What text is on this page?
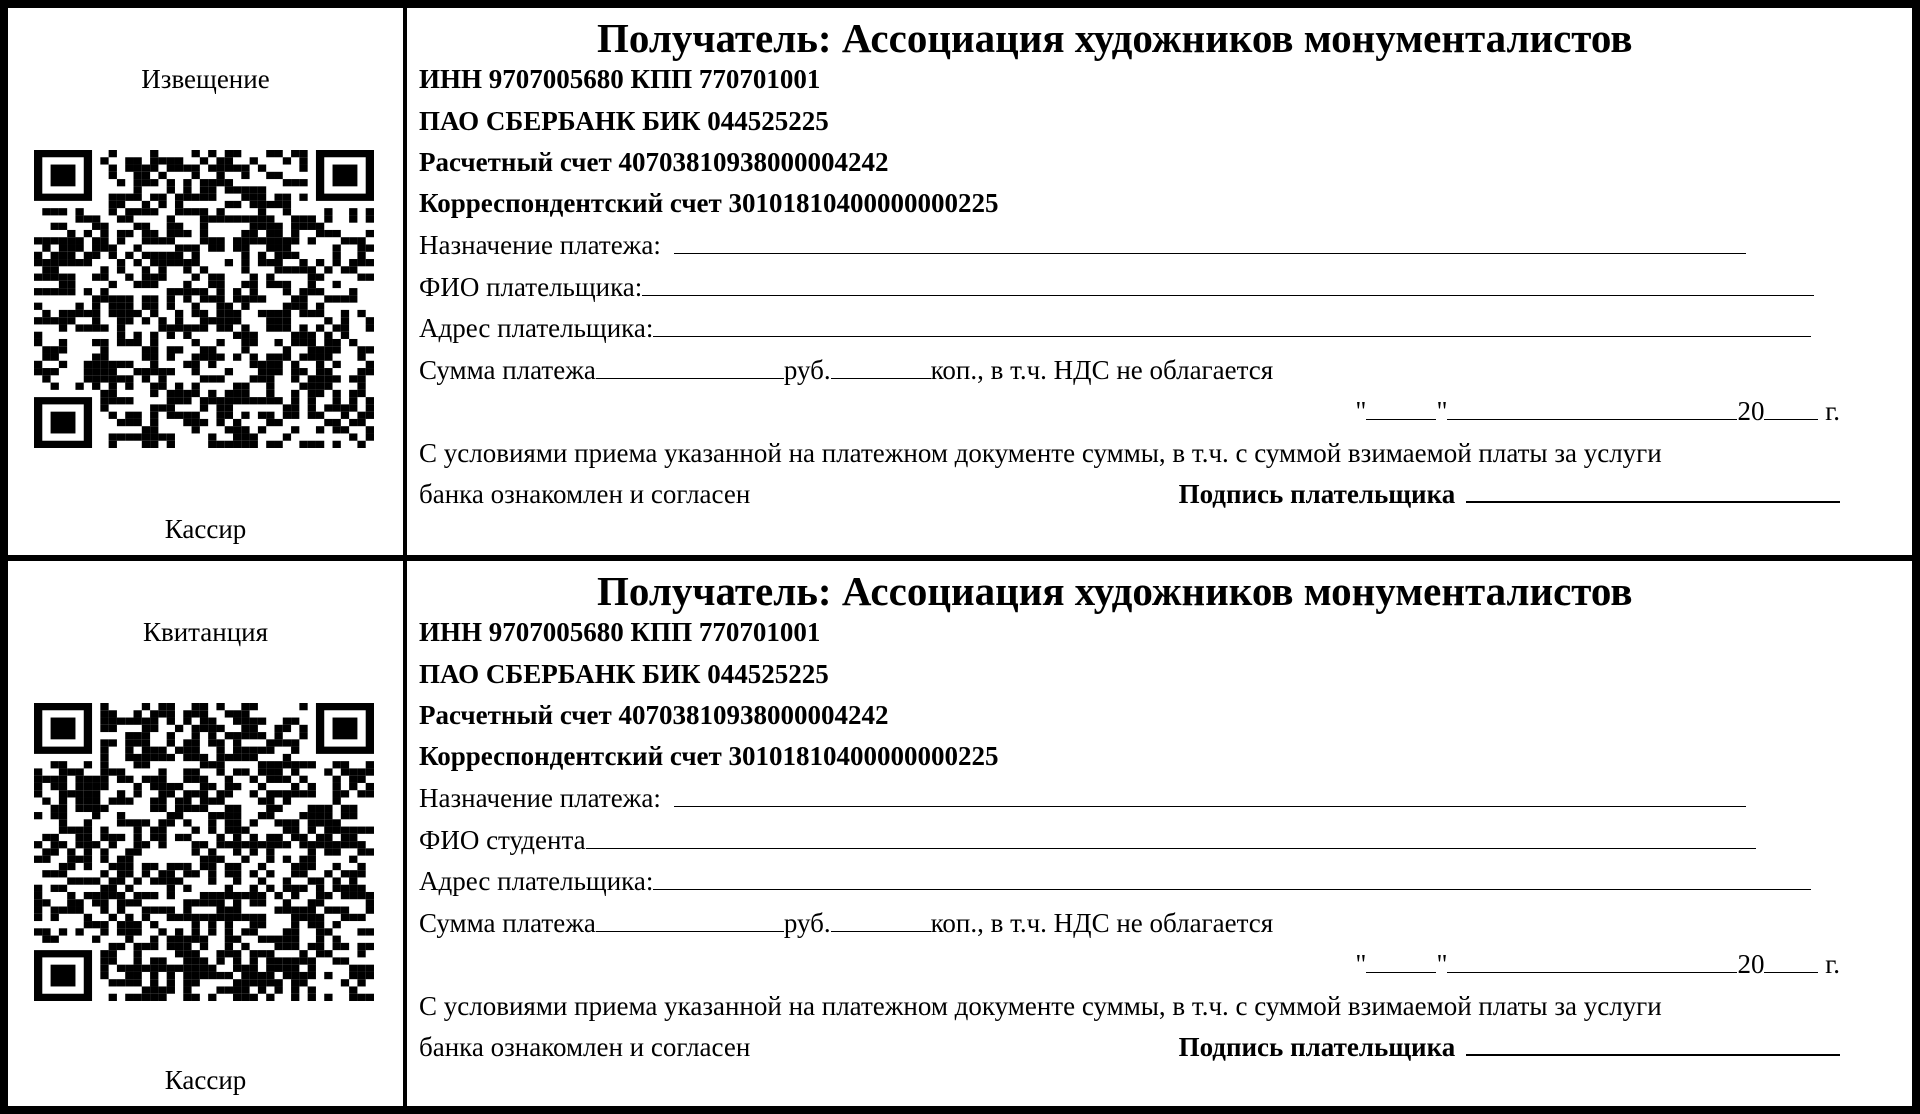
Извещение
Кассир
Получатель: Ассоциация художников монументалистов
ИНН 9707005680 КПП 770701001
ПАО СБЕРБАНК БИК 044525225
Расчетный счет 40703810938000004242
Корреспондентский счет 30101810400000000225
Назначение платежа:
ФИО плательщика:
Адрес плательщика:
Сумма платежа	руб.	коп., в т.ч. НДС не облагается
"	"	20 г.
С условиями приема указанной на платежном документе суммы, в т.ч. с суммой взимаемой платы за услуги
банка ознакомлен и согласен	Подпись плательщика
Квитанция
Кассир
Получатель: Ассоциация художников монументалистов
ИНН 9707005680 КПП 770701001
ПАО СБЕРБАНК БИК 044525225
Расчетный счет 40703810938000004242
Корреспондентский счет 30101810400000000225
Назначение платежа:
ФИО студента
Адрес плательщика:
Сумма платежа	руб.	коп., в т.ч. НДС не облагается
"	"	20 г.
С условиями приема указанной на платежном документе суммы, в т.ч. с суммой взимаемой платы за услуги
банка ознакомлен и согласен	Подпись плательщика
